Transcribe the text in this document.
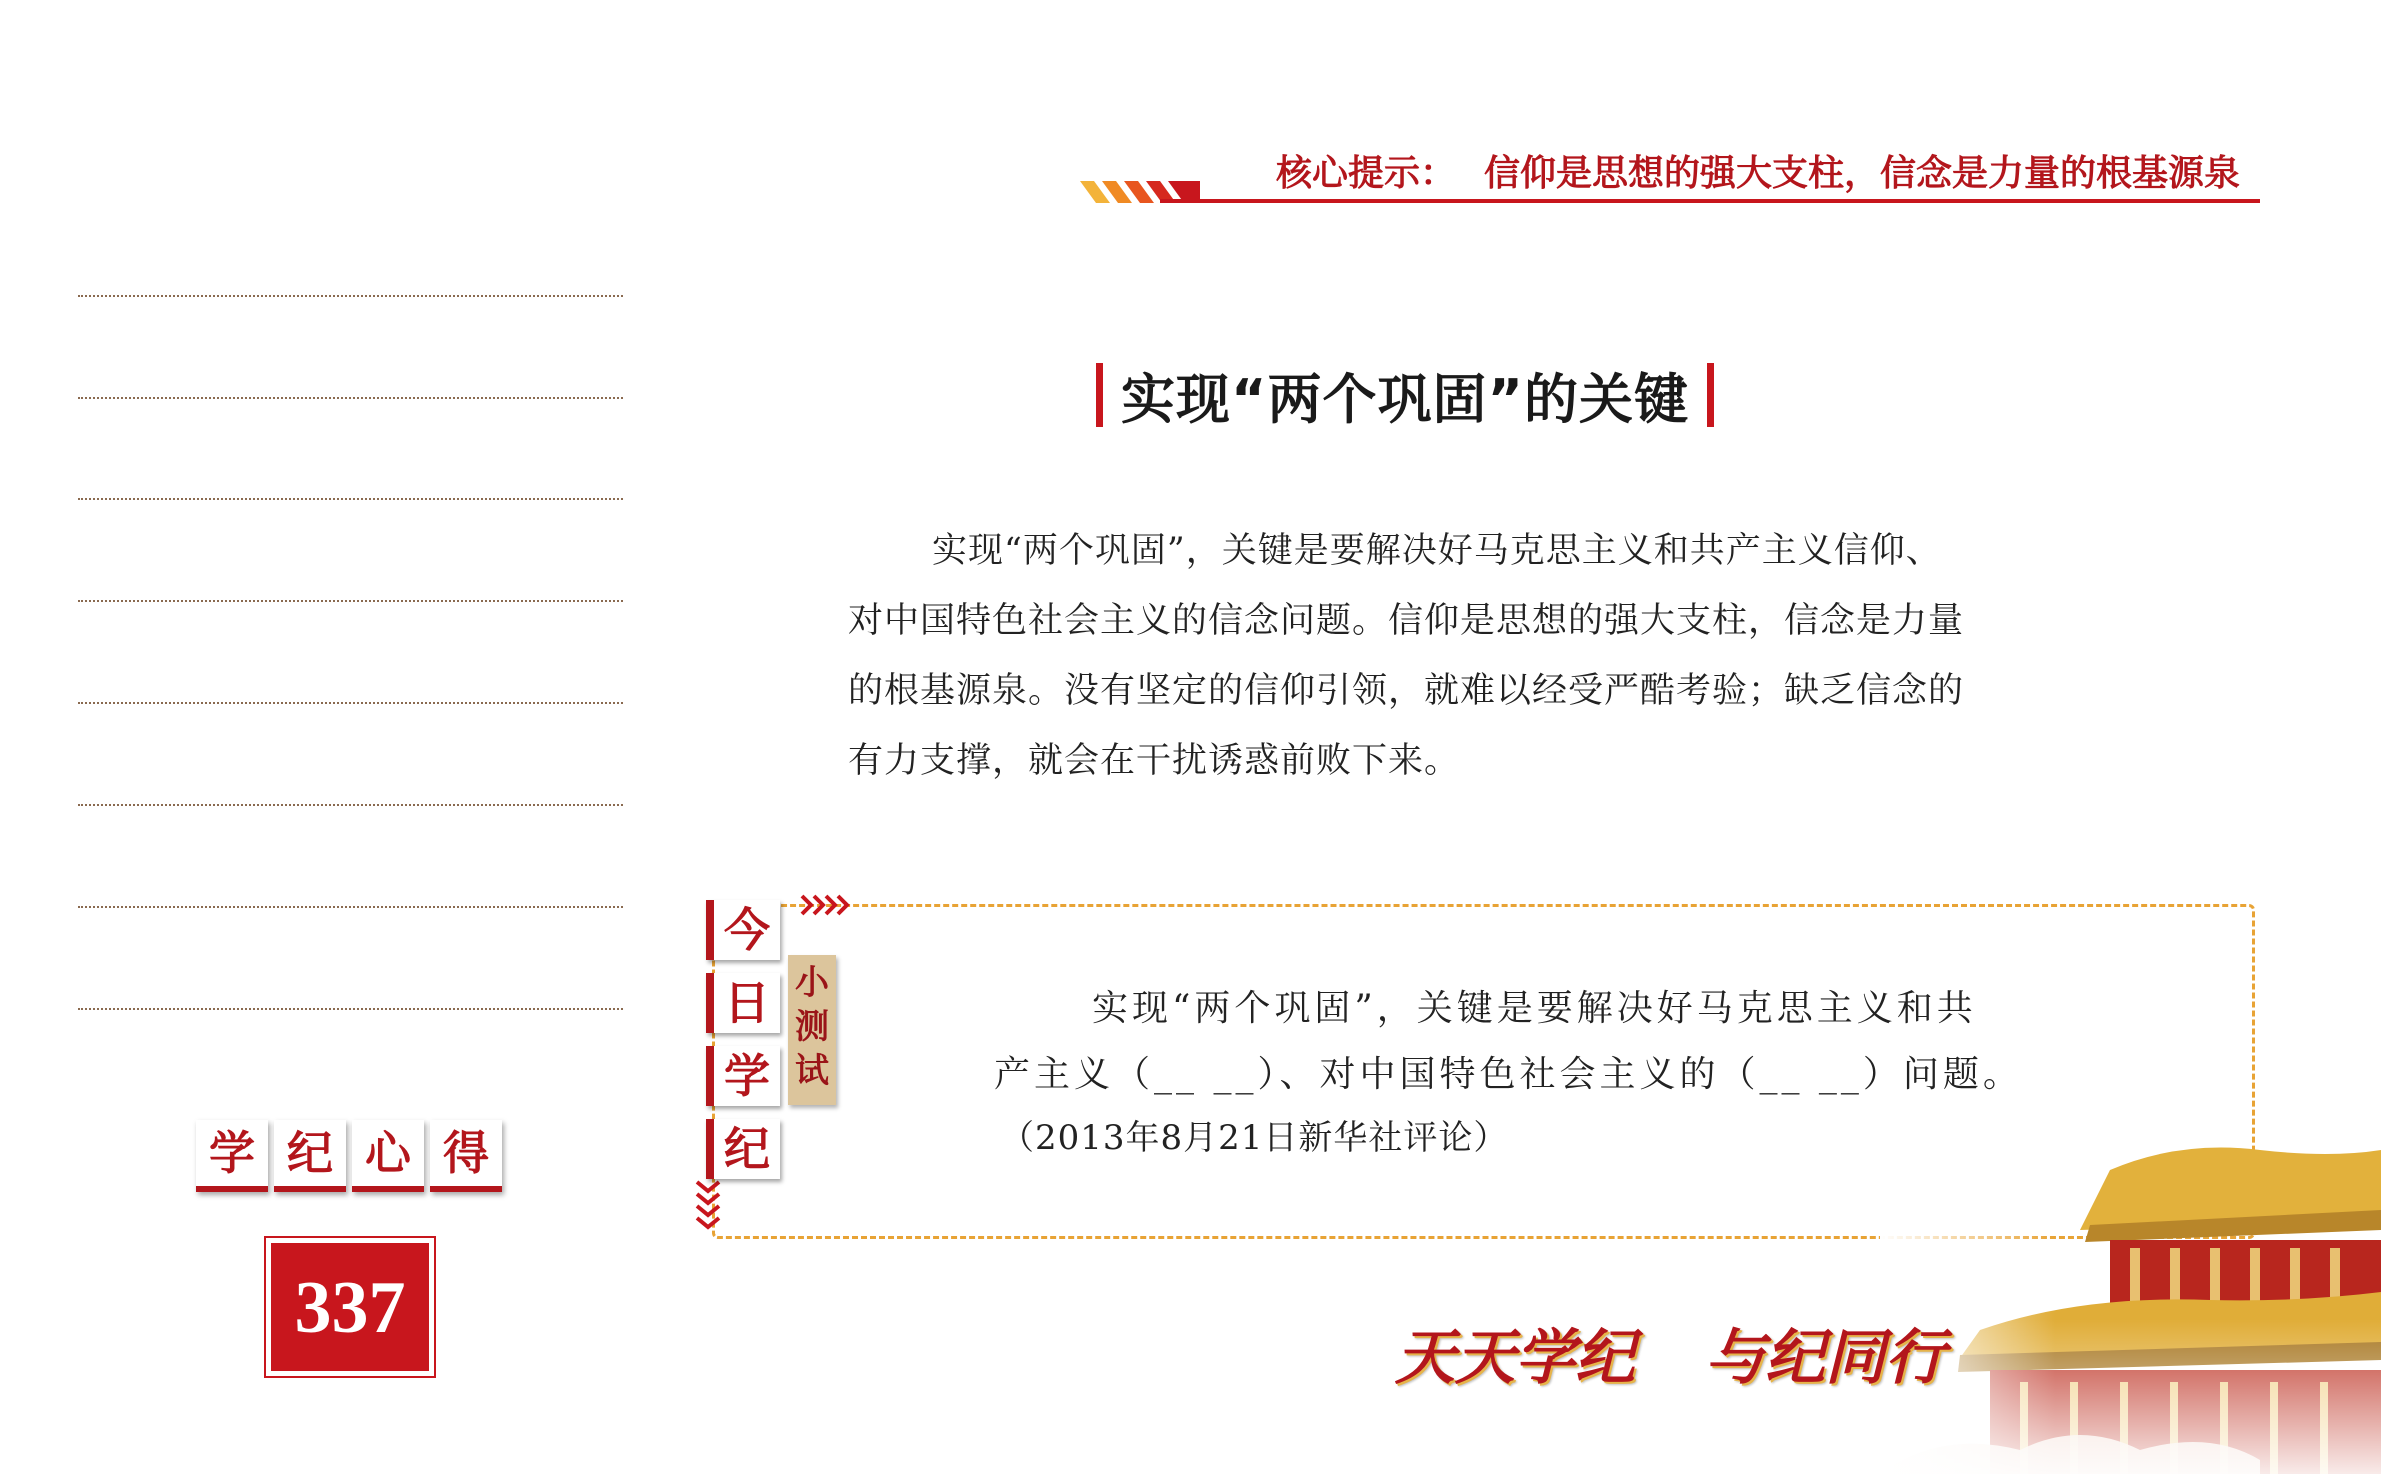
核心提示： 信仰是思想的强大支柱，信念是力量的根基源泉
实现“两个巩固”的关键

实现“两个巩固”，关键是要解决好马克思主义和共产主义信仰、

对中国特色社会主义的信念问题。信仰是思想的强大支柱，信念是力量

的根基源泉。没有坚定的信仰引领，就难以经受严酷考验；缺乏信念的

有力支撑，就会在干扰诱惑前败下来。

今
日
学
纪
小
测
试

实现“两个巩固”，关键是要解决好马克思主义和共

产主义（__ __）、对中国特色社会主义的（__ __）问题。

（2013年8月21日新华社评论）
学 纪 心 得
337
天天学纪 与纪同行
